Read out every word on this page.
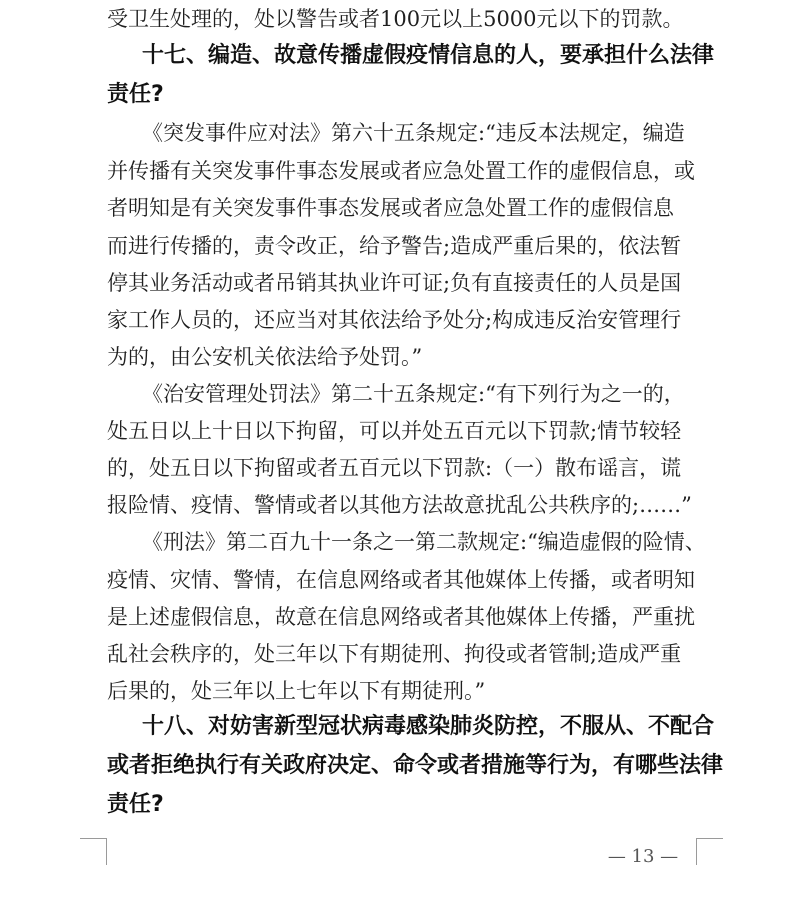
受卫生处理的，处以警告或者100元以上5000元以下的罚款。
十七、编造、故意传播虚假疫情信息的人，要承担什么法律
责任?
《突发事件应对法》第六十五条规定:“违反本法规定，编造
并传播有关突发事件事态发展或者应急处置工作的虚假信息，或
者明知是有关突发事件事态发展或者应急处置工作的虚假信息
而进行传播的，责令改正，给予警告;造成严重后果的，依法暂
停其业务活动或者吊销其执业许可证;负有直接责任的人员是国
家工作人员的，还应当对其依法给予处分;构成违反治安管理行
为的，由公安机关依法给予处罚。”
《治安管理处罚法》第二十五条规定:“有下列行为之一的，
处五日以上十日以下拘留，可以并处五百元以下罚款;情节较轻
的，处五日以下拘留或者五百元以下罚款:（一）散布谣言，谎
报险情、疫情、警情或者以其他方法故意扰乱公共秩序的;……”
《刑法》第二百九十一条之一第二款规定:“编造虚假的险情、
疫情、灾情、警情，在信息网络或者其他媒体上传播，或者明知
是上述虚假信息，故意在信息网络或者其他媒体上传播，严重扰
乱社会秩序的，处三年以下有期徒刑、拘役或者管制;造成严重
后果的，处三年以上七年以下有期徒刑。”
十八、对妨害新型冠状病毒感染肺炎防控，不服从、不配合
或者拒绝执行有关政府决定、命令或者措施等行为，有哪些法律
责任?
— 13 —
